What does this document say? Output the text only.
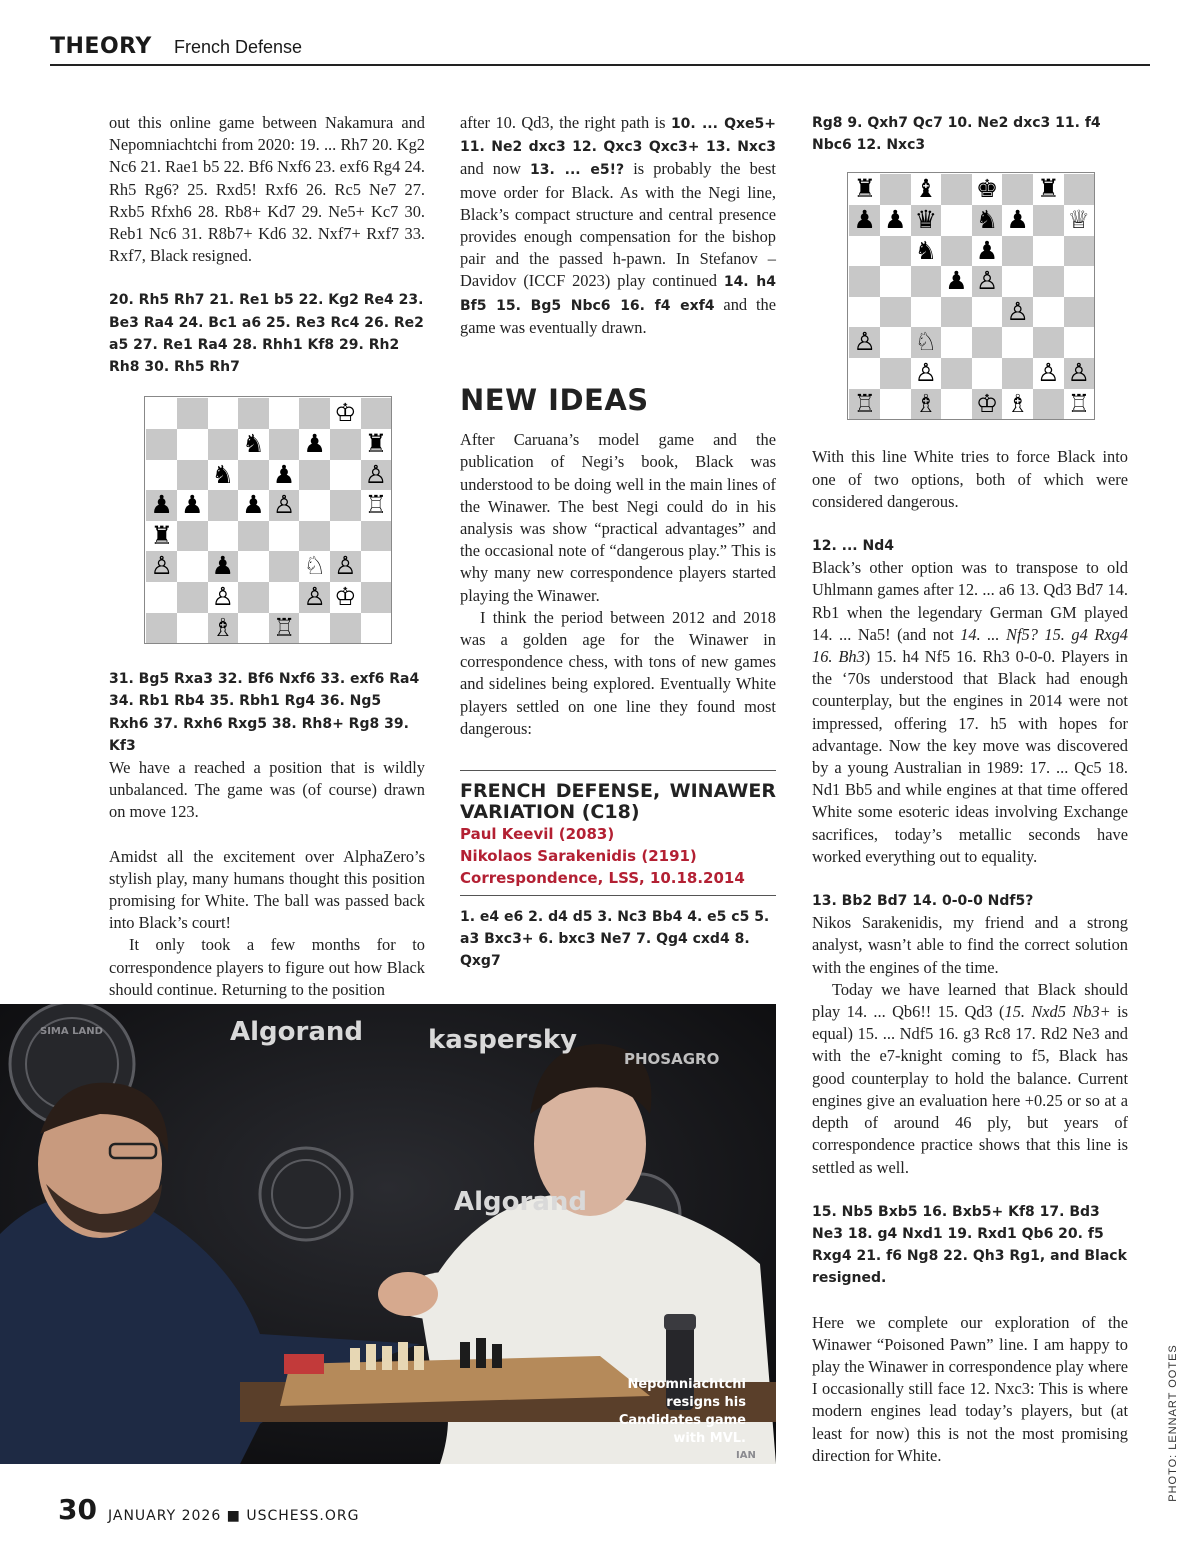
THEORY French Defense

out this online game between Nakamura and Nepomniachtchi from 2020: 19. ... Rh7 20. Kg2 Nc6 21. Rae1 b5 22. Bf6 Nxf6 23. exf6 Rg4 24. Rh5 Rg6? 25. Rxd5! Rxf6 26. Rc5 Ne7 27. Rxb5 Rfxh6 28. Rb8+ Kd7 29. Ne5+ Kc7 30. Reb1 Nc6 31. R8b7+ Kd6 32. Nxf7+ Rxf7 33. Rxf7, Black resigned.

20. Rh5 Rh7 21. Re1 b5 22. Kg2 Re4 23. Be3 Ra4 24. Bc1 a6 25. Re3 Rc4 26. Re2 a5 27. Re1 Ra4 28. Rhh1 Kf8 29. Rh2 Rh8 30. Rh5 Rh7

31. Bg5 Rxa3 32. Bf6 Nxf6 33. exf6 Ra4 34. Rb1 Rb4 35. Rbh1 Rg4 36. Ng5 Rxh6 37. Rxh6 Rxg5 38. Rh8+ Rg8 39. Kf3

We have a reached a position that is wildly unbalanced. The game was (of course) drawn on move 123.

Amidst all the excitement over AlphaZero’s stylish play, many humans thought this position promising for White. The ball was passed back into Black’s court!

It only took a few months for to correspondence players to figure out how Black should continue. Returning to the position

♔
♞ ♟ ♜
♞ ♟	♙
♟ ♟ ♟ ♙	♖
♜
♙ ♟	♘ ♙
♙	♙ ♔
♗ ♖

after 10. Qd3, the right path is 10. ... Qxe5+ 11. Ne2 dxc3 12. Qxc3 Qxc3+ 13. Nxc3 and now 13. ... e5!? is probably the best move order for Black. As with the Negi line, Black’s compact structure and central presence provides enough compensation for the bishop pair and the passed h-pawn. In Stefanov – Davidov (ICCF 2023) play continued 14. h4 Bf5 15. Bg5 Nbc6 16. f4 exf4 and the game was eventually drawn.

NEW IDEAS

After Caruana’s model game and the publication of Negi’s book, Black was understood to be doing well in the main lines of the Winawer. The best Negi could do in his analysis was show “practical advantages” and the occasional note of “dangerous play.” This is why many new correspondence players started playing the Winawer.

I think the period between 2012 and 2018 was a golden age for the Winawer in correspondence chess, with tons of new games and sidelines being explored. Eventually White players settled on one line they found most dangerous:

FRENCH DEFENSE, WINAWER VARIATION (C18)

Paul Keevil (2083)

Nikolaos Sarakenidis (2191)

Correspondence, LSS, 10.18.2014

1. e4 e6 2. d4 d5 3. Nc3 Bb4 4. e5 c5 5. a3 Bxc3+ 6. bxc3 Ne7 7. Qg4 cxd4 8. Qxg7

Rg8 9. Qxh7 Qc7 10. Ne2 dxc3 11. f4 Nbc6 12. Nxc3

With this line White tries to force Black into one of two options, both of which were considered dangerous.

12. ... Nd4

Black’s other option was to transpose to old Uhlmann games after 12. ... a6 13. Qd3 Bd7 14. Rb1 when the legendary German GM played 14. ... Na5! (and not 14. ... Nf5? 15. g4 Rxg4 16. Bh3) 15. h4 Nf5 16. Rh3 0-0-0. Players in the ‘70s understood that Black had enough counterplay, but the engines in 2014 were not impressed, offering 17. h5 with hopes for advantage. Now the key move was discovered by a young Australian in 1989: 17. ... Qc5 18. Nd1 Bb5 and while engines at that time offered White some esoteric ideas involving Exchange sacrifices, today’s metallic seconds have worked everything out to equality.

13. Bb2 Bd7 14. 0-0-0 Ndf5?

Nikos Sarakenidis, my friend and a strong analyst, wasn’t able to find the correct solution with the engines of the time.

Today we have learned that Black should play 14. ... Qb6!! 15. Qd3 (15. Nxd5 Nb3+ is equal) 15. ... Ndf5 16. g3 Rc8 17. Rd2 Ne3 and with the e7-knight coming to f5, Black has good counterplay to hold the balance. Current engines give an evaluation here +0.25 or so at a depth of around 46 ply, but years of correspondence practice shows that this line is settled as well.

15. Nb5 Bxb5 16. Bxb5+ Kf8 17. Bd3 Ne3 18. g4 Nxd1 19. Rxd1 Qb6 20. f5 Rxg4 21. f6 Ng8 22. Qh3 Rg1, and Black resigned.

Here we complete our exploration of the Winawer “Poisoned Pawn” line. I am happy to play the Winawer in correspondence play where I occasionally still face 12. Nxc3: This is where modern engines lead today’s players, but (at least for now) this is not the most promising direction for White.

♜ ♝ ♚ ♜
♟ ♟ ♛ ♞ ♟ ♕
♞ ♟
♟ ♙
♙
♙ ♘
♙	♙ ♙
♖ ♗ ♔ ♗ ♖
Algorand	kaspersky
PHOSAGRO
Algorand
SIMA LAND
IAN
Nepomniachtchi resigns his Candidates game with MVL.	PHOTO: LENNART OOTES
30 JANUARY 2026 ■ USCHESS.ORG
